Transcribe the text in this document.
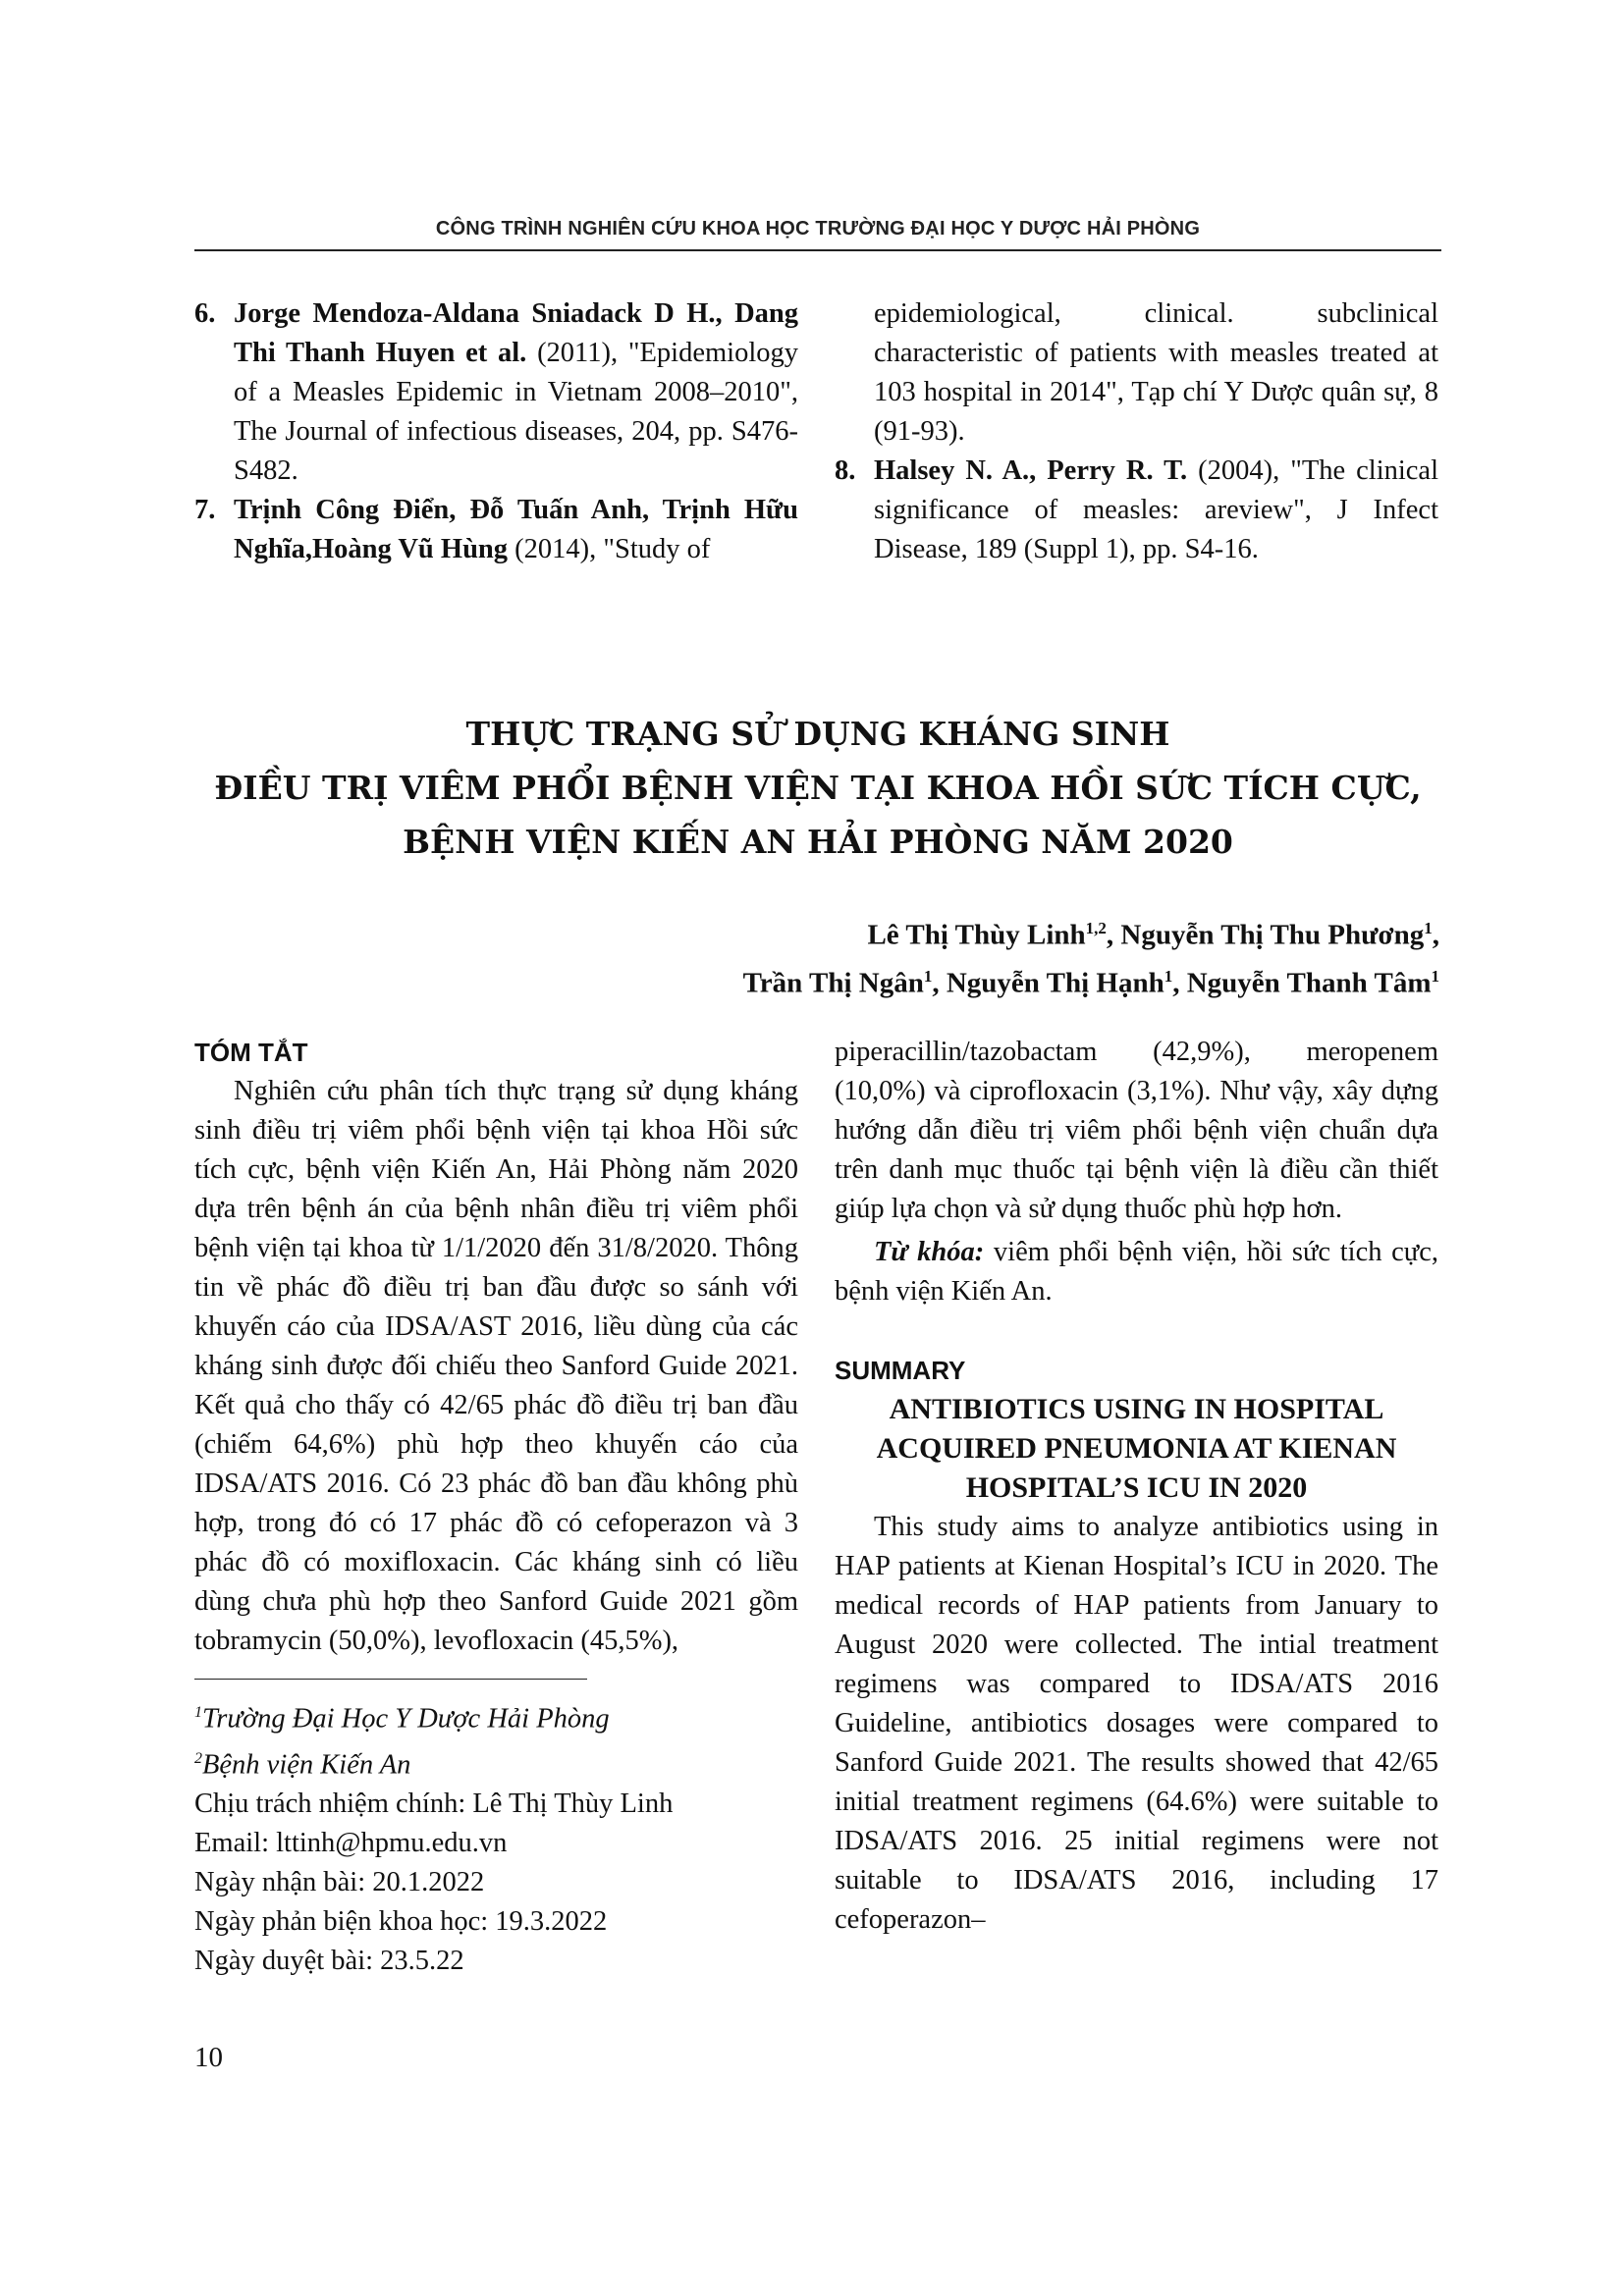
CÔNG TRÌNH NGHIÊN CỨU KHOA HỌC TRƯỜNG ĐẠI HỌC Y DƯỢC HẢI PHÒNG
6. Jorge Mendoza-Aldana Sniadack D H., Dang Thi Thanh Huyen et al. (2011), "Epidemiology of a Measles Epidemic in Vietnam 2008–2010", The Journal of infectious diseases, 204, pp. S476- S482.
7. Trịnh Công Điển, Đỗ Tuấn Anh, Trịnh Hữu Nghĩa,Hoàng Vũ Hùng (2014), "Study of
epidemiological, clinical. subclinical characteristic of patients with measles treated at 103 hospital in 2014", Tạp chí Y Dược quân sự, 8 (91-93).
8. Halsey N. A., Perry R. T. (2004), "The clinical significance of measles: areview", J Infect Disease, 189 (Suppl 1), pp. S4-16.
THỰC TRẠNG SỬ DỤNG KHÁNG SINH
ĐIỀU TRỊ VIÊM PHỔI BỆNH VIỆN TẠI KHOA HỒI SỨC TÍCH CỰC,
BỆNH VIỆN KIẾN AN HẢI PHÒNG NĂM 2020
Lê Thị Thùy Linh$^{1,2}$, Nguyễn Thị Thu Phương$^1$,
Trần Thị Ngân$^1$, Nguyễn Thị Hạnh$^1$, Nguyễn Thanh Tâm$^1$
TÓM TẮT
Nghiên cứu phân tích thực trạng sử dụng kháng sinh điều trị viêm phổi bệnh viện tại khoa Hồi sức tích cực, bệnh viện Kiến An, Hải Phòng năm 2020 dựa trên bệnh án của bệnh nhân điều trị viêm phổi bệnh viện tại khoa từ 1/1/2020 đến 31/8/2020. Thông tin về phác đồ điều trị ban đầu được so sánh với khuyến cáo của IDSA/AST 2016, liều dùng của các kháng sinh được đối chiếu theo Sanford Guide 2021. Kết quả cho thấy có 42/65 phác đồ điều trị ban đầu (chiếm 64,6%) phù hợp theo khuyến cáo của IDSA/ATS 2016. Có 23 phác đồ ban đầu không phù hợp, trong đó có 17 phác đồ có cefoperazon và 3 phác đồ có moxifloxacin. Các kháng sinh có liều dùng chưa phù hợp theo Sanford Guide 2021 gồm tobramycin (50,0%), levofloxacin (45,5%),
$^1$Trường Đại Học Y Dược Hải Phòng
$^2$Bệnh viện Kiến An
Chịu trách nhiệm chính: Lê Thị Thùy Linh
Email: lttinh@hpmu.edu.vn
Ngày nhận bài: 20.1.2022
Ngày phản biện khoa học: 19.3.2022
Ngày duyệt bài: 23.5.22
piperacillin/tazobactam (42,9%), meropenem (10,0%) và ciprofloxacin (3,1%). Như vậy, xây dựng hướng dẫn điều trị viêm phổi bệnh viện chuẩn dựa trên danh mục thuốc tại bệnh viện là điều cần thiết giúp lựa chọn và sử dụng thuốc phù hợp hơn.
Từ khóa: viêm phổi bệnh viện, hồi sức tích cực, bệnh viện Kiến An.
SUMMARY
ANTIBIOTICS USING IN HOSPITAL ACQUIRED PNEUMONIA AT KIENAN HOSPITAL’S ICU IN 2020
This study aims to analyze antibiotics using in HAP patients at Kienan Hospital’s ICU in 2020. The medical records of HAP patients from January to August 2020 were collected. The intial treatment regimens was compared to IDSA/ATS 2016 Guideline, antibiotics dosages were compared to Sanford Guide 2021. The results showed that 42/65 initial treatment regimens (64.6%) were suitable to IDSA/ATS 2016. 25 initial regimens were not suitable to IDSA/ATS 2016, including 17 cefoperazon–
10
